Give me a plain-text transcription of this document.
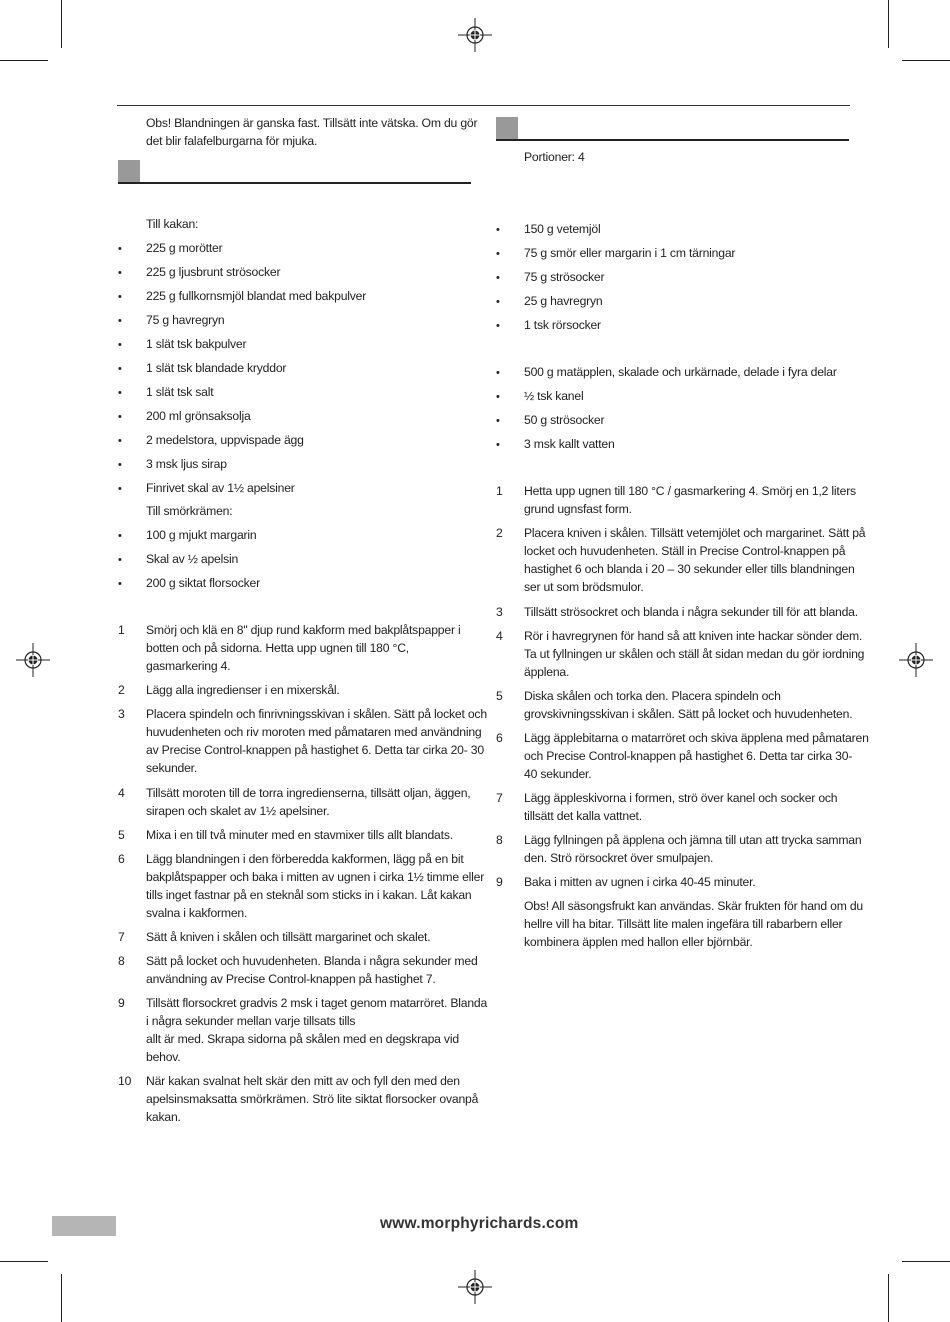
Obs! Blandningen är ganska fast. Tillsätt inte vätska. Om du gör
det blir falafelburgarna för mjuka.
Till kakan:
• 225 g morötter
• 225 g ljusbrunt strösocker
• 225 g fullkornsmjöl blandat med bakpulver
• 75 g havregryn
• 1 slät tsk bakpulver
• 1 slät tsk blandade kryddor
• 1 slät tsk salt
• 200 ml grönsaksolja
• 2 medelstora, uppvispade ägg
• 3 msk ljus sirap
• Finrivet skal av 1½ apelsiner
Till smörkrämen:
• 100 g mjukt margarin
• Skal av ½ apelsin
• 200 g siktat florsocker
1 Smörj och klä en 8" djup rund kakform med bakplåtspapper i
botten och på sidorna. Hetta upp ugnen till 180 °C,
gasmarkering 4.
2 Lägg alla ingredienser i en mixerskål.
3 Placera spindeln och finrivningsskivan i skålen. Sätt på locket och
huvudenheten och riv moroten med påmataren med användning
av Precise Control-knappen på hastighet 6. Detta tar cirka 20- 30
sekunder.
4 Tillsätt moroten till de torra ingredienserna, tillsätt oljan, äggen,
sirapen och skalet av 1½ apelsiner.
5 Mixa i en till två minuter med en stavmixer tills allt blandats.
6 Lägg blandningen i den förberedda kakformen, lägg på en bit
bakplåtspapper och baka i mitten av ugnen i cirka 1½ timme eller
tills inget fastnar på en steknål som sticks in i kakan. Låt kakan
svalna i kakformen.
7 Sätt å kniven i skålen och tillsätt margarinet och skalet.
8 Sätt på locket och huvudenheten. Blanda i några sekunder med
användning av Precise Control-knappen på hastighet 7.
9 Tillsätt florsockret gradvis 2 msk i taget genom matarröret. Blanda
i några sekunder mellan varje tillsats tills
allt är med. Skrapa sidorna på skålen med en degskrapa vid
behov.
10 När kakan svalnat helt skär den mitt av och fyll den med den
apelsinsmaksatta smörkrämen. Strö lite siktat florsocker ovanpå
kakan.
Portioner: 4
• 150 g vetemjöl
• 75 g smör eller margarin i 1 cm tärningar
• 75 g strösocker
• 25 g havregryn
• 1 tsk rörsocker
• 500 g matäpplen, skalade och urkärnade, delade i fyra delar
• ½ tsk kanel
• 50 g strösocker
• 3 msk kallt vatten
1 Hetta upp ugnen till 180 °C / gasmarkering 4. Smörj en 1,2 liters
grund ugnsfast form.
2 Placera kniven i skålen. Tillsätt vetemjölet och margarinet. Sätt på
locket och huvudenheten. Ställ in Precise Control-knappen på
hastighet 6 och blanda i 20 – 30 sekunder eller tills blandningen
ser ut som brödsmulor.
3 Tillsätt strösockret och blanda i några sekunder till för att blanda.
4 Rör i havregrynen för hand så att kniven inte hackar sönder dem.
Ta ut fyllningen ur skålen och ställ åt sidan medan du gör iordning
äpplena.
5 Diska skålen och torka den. Placera spindeln och
grovskivningsskivan i skålen. Sätt på locket och huvudenheten.
6 Lägg äpplebitarna o matarröret och skiva äpplena med påmataren
och Precise Control-knappen på hastighet 6. Detta tar cirka 30-
40 sekunder.
7 Lägg äppleskivorna i formen, strö över kanel och socker och
tillsätt det kalla vattnet.
8 Lägg fyllningen på äpplena och jämna till utan att trycka samman
den. Strö rörsockret över smulpajen.
9 Baka i mitten av ugnen i cirka 40-45 minuter.
Obs! All säsongsfrukt kan användas. Skär frukten för hand om du
hellre vill ha bitar. Tillsätt lite malen ingefära till rabarbern eller
kombinera äpplen med hallon eller björnbär.
www.morphyrichards.com
